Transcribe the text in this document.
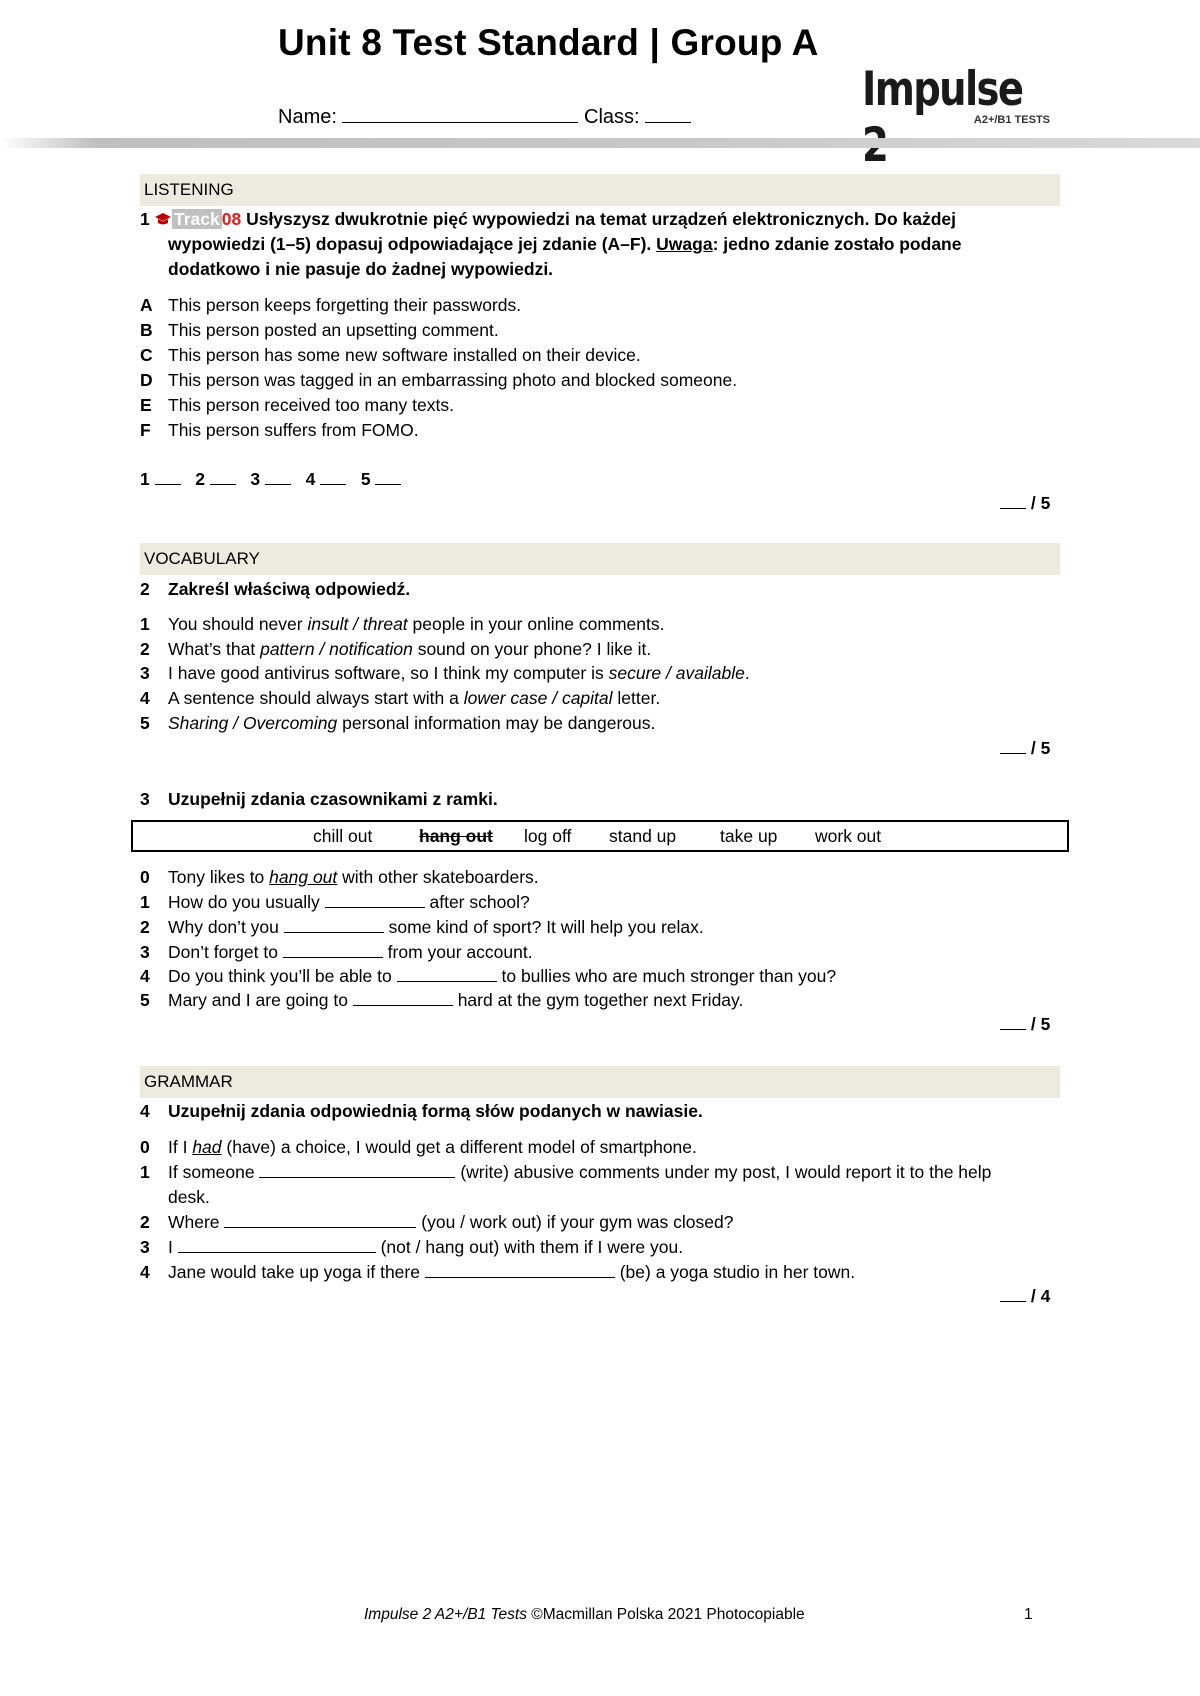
Unit 8 Test Standard | Group A
Name:	Class:	Impulse
A2+/B1 TESTS
LISTENING
1 Track 08 Usłyszysz dwukrotnie pięć wypowiedzi na temat urządzeń elektronicznych. Do każdej
wypowiedzi (1–5) dopasuj odpowiadające jej zdanie (A–F). Uwaga: jedno zdanie zostało podane
dodatkowo i nie pasuje do żadnej wypowiedzi.
A This person keeps forgetting their passwords.
B This person posted an upsetting comment.
C This person has some new software installed on their device.
D This person was tagged in an embarrassing photo and blocked someone.
E This person received too many texts.
F This person suffers from FOMO.
1	2	3	4	5
/ 5
VOCABULARY
2 Zakreśl właściwą odpowiedź.
1 You should never insult / threat people in your online comments.
2 What’s that pattern / notification sound on your phone? I like it.
3 I have good antivirus software, so I think my computer is secure / available.
4 A sentence should always start with a lower case / capital letter.
5 Sharing / Overcoming personal information may be dangerous.
/ 5
3 Uzupełnij zdania czasownikami z ramki.
chill out	hang out log off stand up	take up work out
0 Tony likes to hang out with other skateboarders.
1 How do you usually	after school?
2 Why don’t you	some kind of sport? It will help you relax.
3 Don’t forget to	from your account.
4 Do you think you’ll be able to	to bullies who are much stronger than you?
5 Mary and I are going to	hard at the gym together next Friday.
/ 5
GRAMMAR
4 Uzupełnij zdania odpowiednią formą słów podanych w nawiasie.
0 If I had (have) a choice, I would get a different model of smartphone.
1 If someone	(write) abusive comments under my post, I would report it to the help
desk.
2 Where	(you / work out) if your gym was closed?
3 I	(not / hang out) with them if I were you.
4 Jane would take up yoga if there	(be) a yoga studio in her town.
/ 4
Impulse 2 A2+/B1 Tests ©Macmillan Polska 2021 Photocopiable	1
